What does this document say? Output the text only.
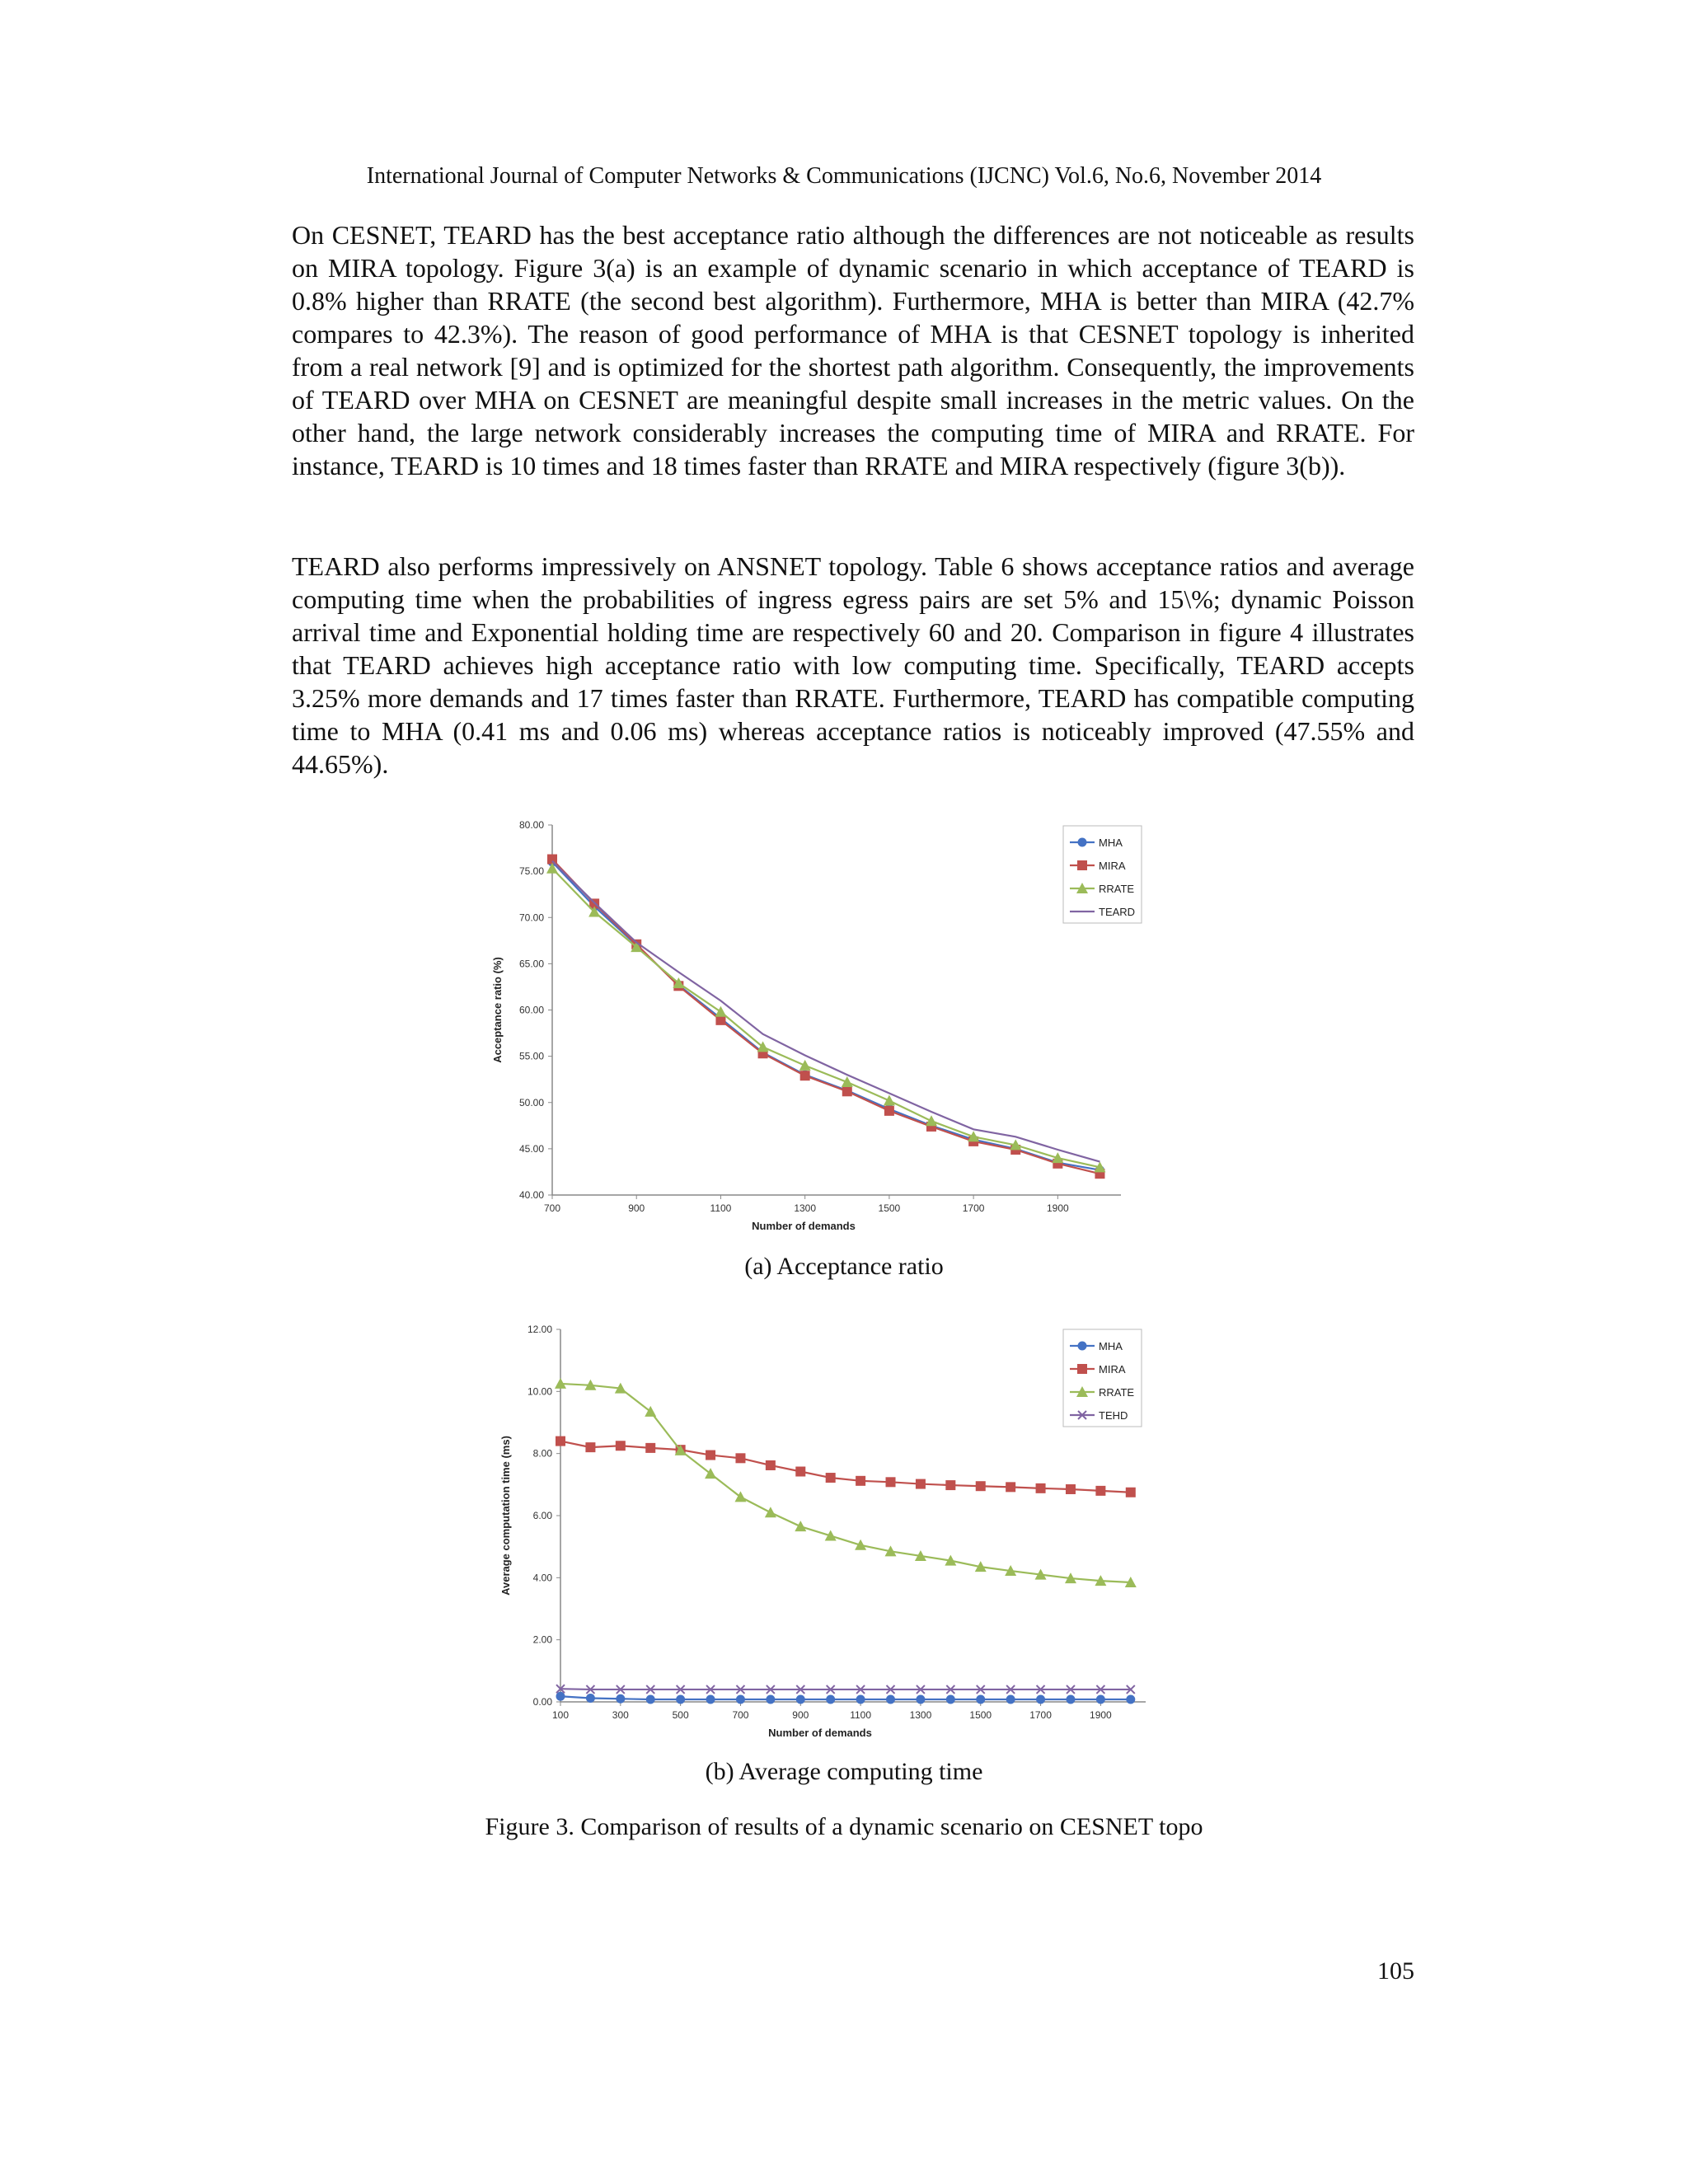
International Journal of Computer Networks & Communications (IJCNC) Vol.6, No.6, November 2014

On CESNET, TEARD has the best acceptance ratio although the differences are not noticeable as results on MIRA topology. Figure 3(a) is an example of dynamic scenario in which acceptance of TEARD is 0.8% higher than RRATE (the second best algorithm). Furthermore, MHA is better than MIRA (42.7% compares to 42.3%). The reason of good performance of MHA is that CESNET topology is inherited from a real network [9] and is optimized for the shortest path algorithm. Consequently, the improvements of TEARD over MHA on CESNET are meaningful despite small increases in the metric values. On the other hand, the large network considerably increases the computing time of MIRA and RRATE. For instance, TEARD is 10 times and 18 times faster than RRATE and MIRA respectively (figure 3(b)).

TEARD also performs impressively on ANSNET topology. Table 6 shows acceptance ratios and average computing time when the probabilities of ingress egress pairs are set 5% and 15\%; dynamic Poisson arrival time and Exponential holding time are respectively 60 and 20. Comparison in figure 4 illustrates that TEARD achieves high acceptance ratio with low computing time. Specifically, TEARD accepts 3.25% more demands and 17 times faster than RRATE. Furthermore, TEARD has compatible computing time to MHA (0.41 ms and 0.06 ms) whereas acceptance ratios is noticeably improved (47.55% and 44.65%).

40.00
45.00
50.00
55.00
60.00
65.00
70.00
75.00
80.00
700	900	1100	1300	1500	1700	1900
Number of demands
Acceptance ratio (%)
MHA
MIRA
RRATE
TEARD
(a) Acceptance ratio
0.00
2.00
4.00
6.00
8.00
10.00
12.00
100	300	500	700	900	1100	1300	1500	1700	1900
Number of demands
Average computation time (ms)
MHA
MIRA
RRATE
TEHD
(b) Average computing time
Figure 3. Comparison of results of a dynamic scenario on CESNET topo
105
